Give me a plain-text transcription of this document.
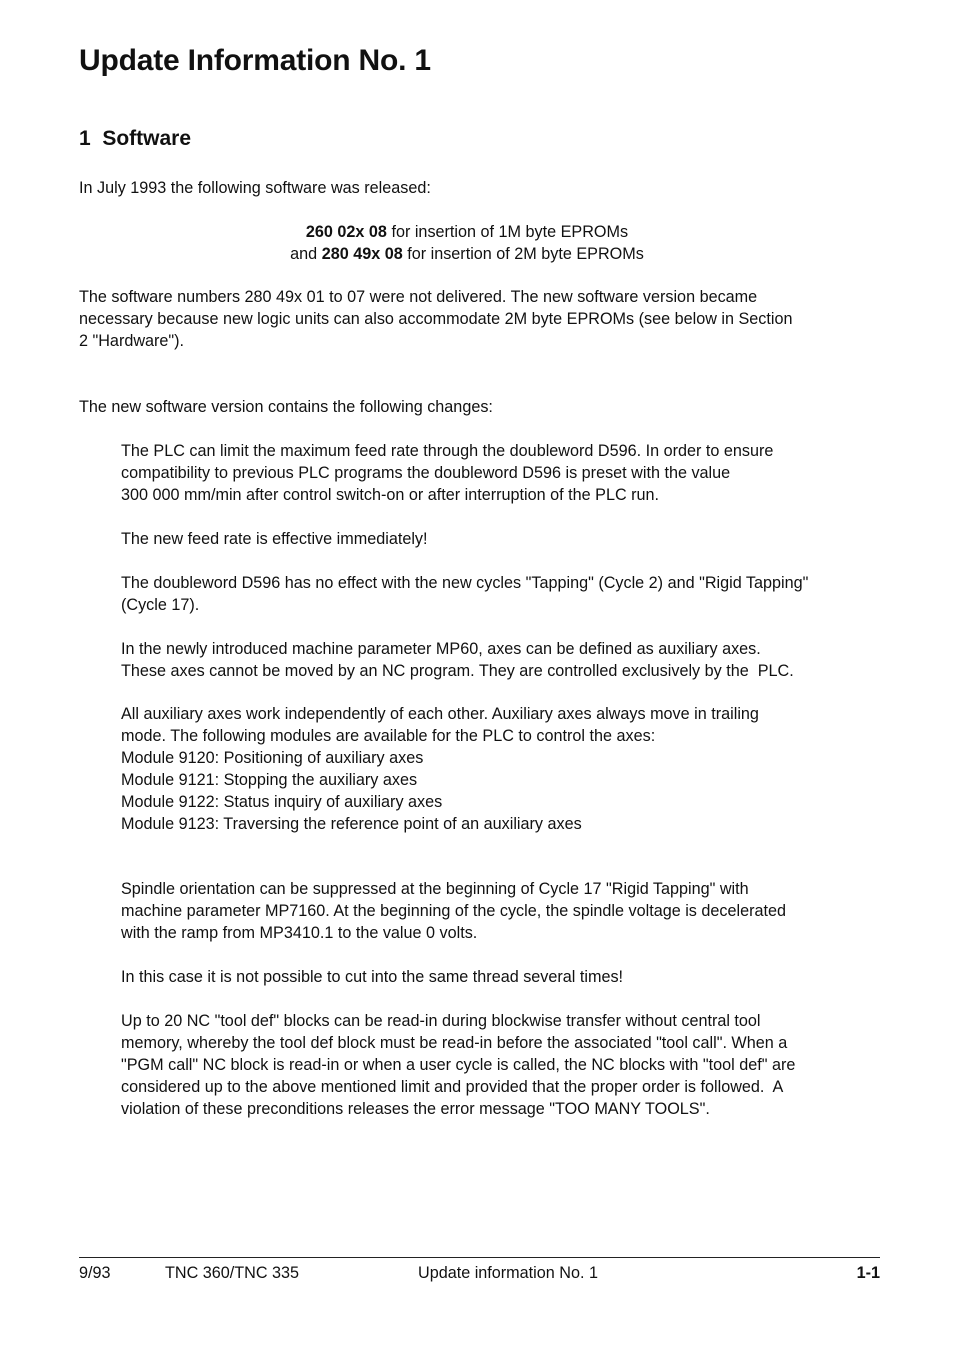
Update Information No. 1
1  Software
In July 1993 the following software was released:
260 02x 08 for insertion of 1M byte EPROMs
and 280 49x 08 for insertion of 2M byte EPROMs
The software numbers 280 49x 01 to 07 were not delivered. The new software version became
necessary because new logic units can also accommodate 2M byte EPROMs (see below in Section
2 "Hardware").
The new software version contains the following changes:
The PLC can limit the maximum feed rate through the doubleword D596. In order to ensure
compatibility to previous PLC programs the doubleword D596 is preset with the value
300 000 mm/min after control switch-on or after interruption of the PLC run.
The new feed rate is effective immediately!
The doubleword D596 has no effect with the new cycles "Tapping" (Cycle 2) and "Rigid Tapping"
(Cycle 17).
In the newly introduced machine parameter MP60, axes can be defined as auxiliary axes.
These axes cannot be moved by an NC program. They are controlled exclusively by the  PLC.
All auxiliary axes work independently of each other. Auxiliary axes always move in trailing
mode. The following modules are available for the PLC to control the axes:
Module 9120: Positioning of auxiliary axes
Module 9121: Stopping the auxiliary axes
Module 9122: Status inquiry of auxiliary axes
Module 9123: Traversing the reference point of an auxiliary axes
Spindle orientation can be suppressed at the beginning of Cycle 17 "Rigid Tapping" with
machine parameter MP7160. At the beginning of the cycle, the spindle voltage is decelerated
with the ramp from MP3410.1 to the value 0 volts.
In this case it is not possible to cut into the same thread several times!
Up to 20 NC "tool def" blocks can be read-in during blockwise transfer without central tool
memory, whereby the tool def block must be read-in before the associated "tool call". When a
"PGM call" NC block is read-in or when a user cycle is called, the NC blocks with "tool def" are
considered up to the above mentioned limit and provided that the proper order is followed.  A
violation of these preconditions releases the error message "TOO MANY TOOLS".
9/93	TNC 360/TNC 335	Update information No. 1	1-1
